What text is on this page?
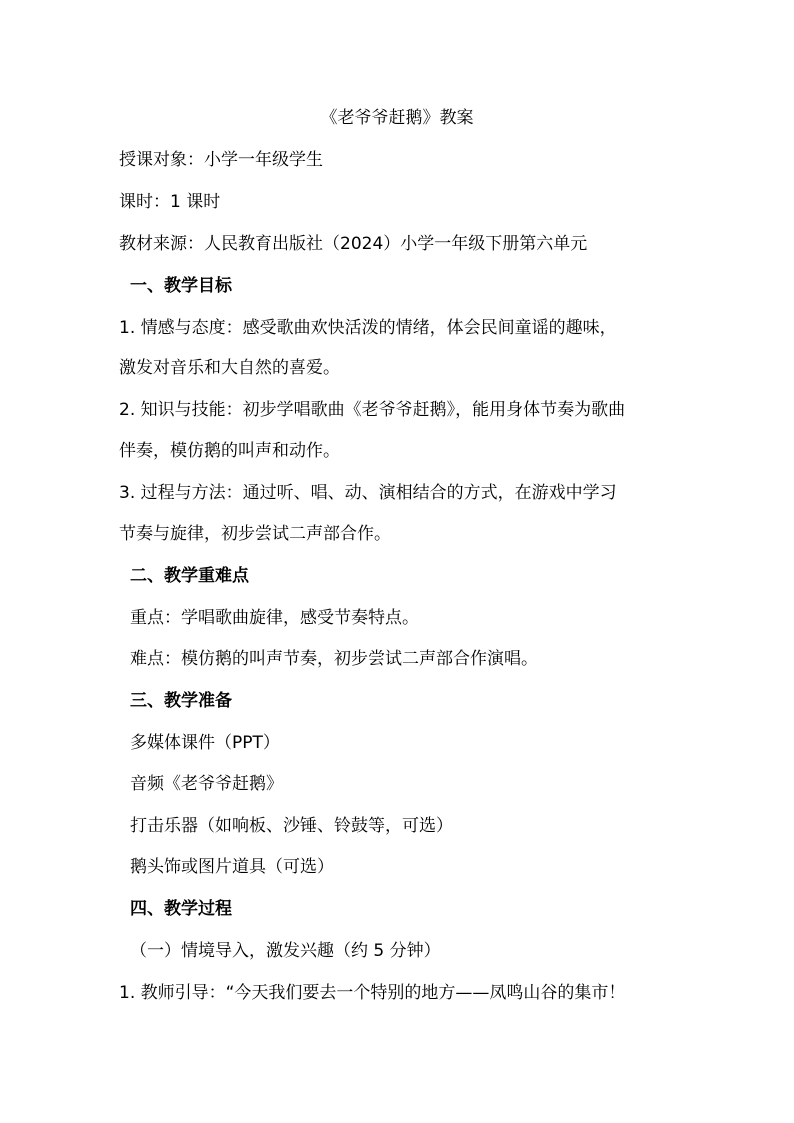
《老爷爷赶鹅》教案
授课对象：小学一年级学生
课时：1 课时
教材来源：人民教育出版社（2024）小学一年级下册第六单元
一、教学目标
1. 情感与态度：感受歌曲欢快活泼的情绪，体会民间童谣的趣味，
激发对音乐和大自然的喜爱。
2. 知识与技能：初步学唱歌曲《老爷爷赶鹅》，能用身体节奏为歌曲
伴奏，模仿鹅的叫声和动作。
3. 过程与方法：通过听、唱、动、演相结合的方式，在游戏中学习
节奏与旋律，初步尝试二声部合作。
二、教学重难点
重点：学唱歌曲旋律，感受节奏特点。
难点：模仿鹅的叫声节奏，初步尝试二声部合作演唱。
三、教学准备
多媒体课件（PPT）
音频《老爷爷赶鹅》
打击乐器（如响板、沙锤、铃鼓等，可选）
鹅头饰或图片道具（可选）
四、教学过程
（一）情境导入，激发兴趣（约 5 分钟）
1. 教师引导：“今天我们要去一个特别的地方——凤鸣山谷的集市！
